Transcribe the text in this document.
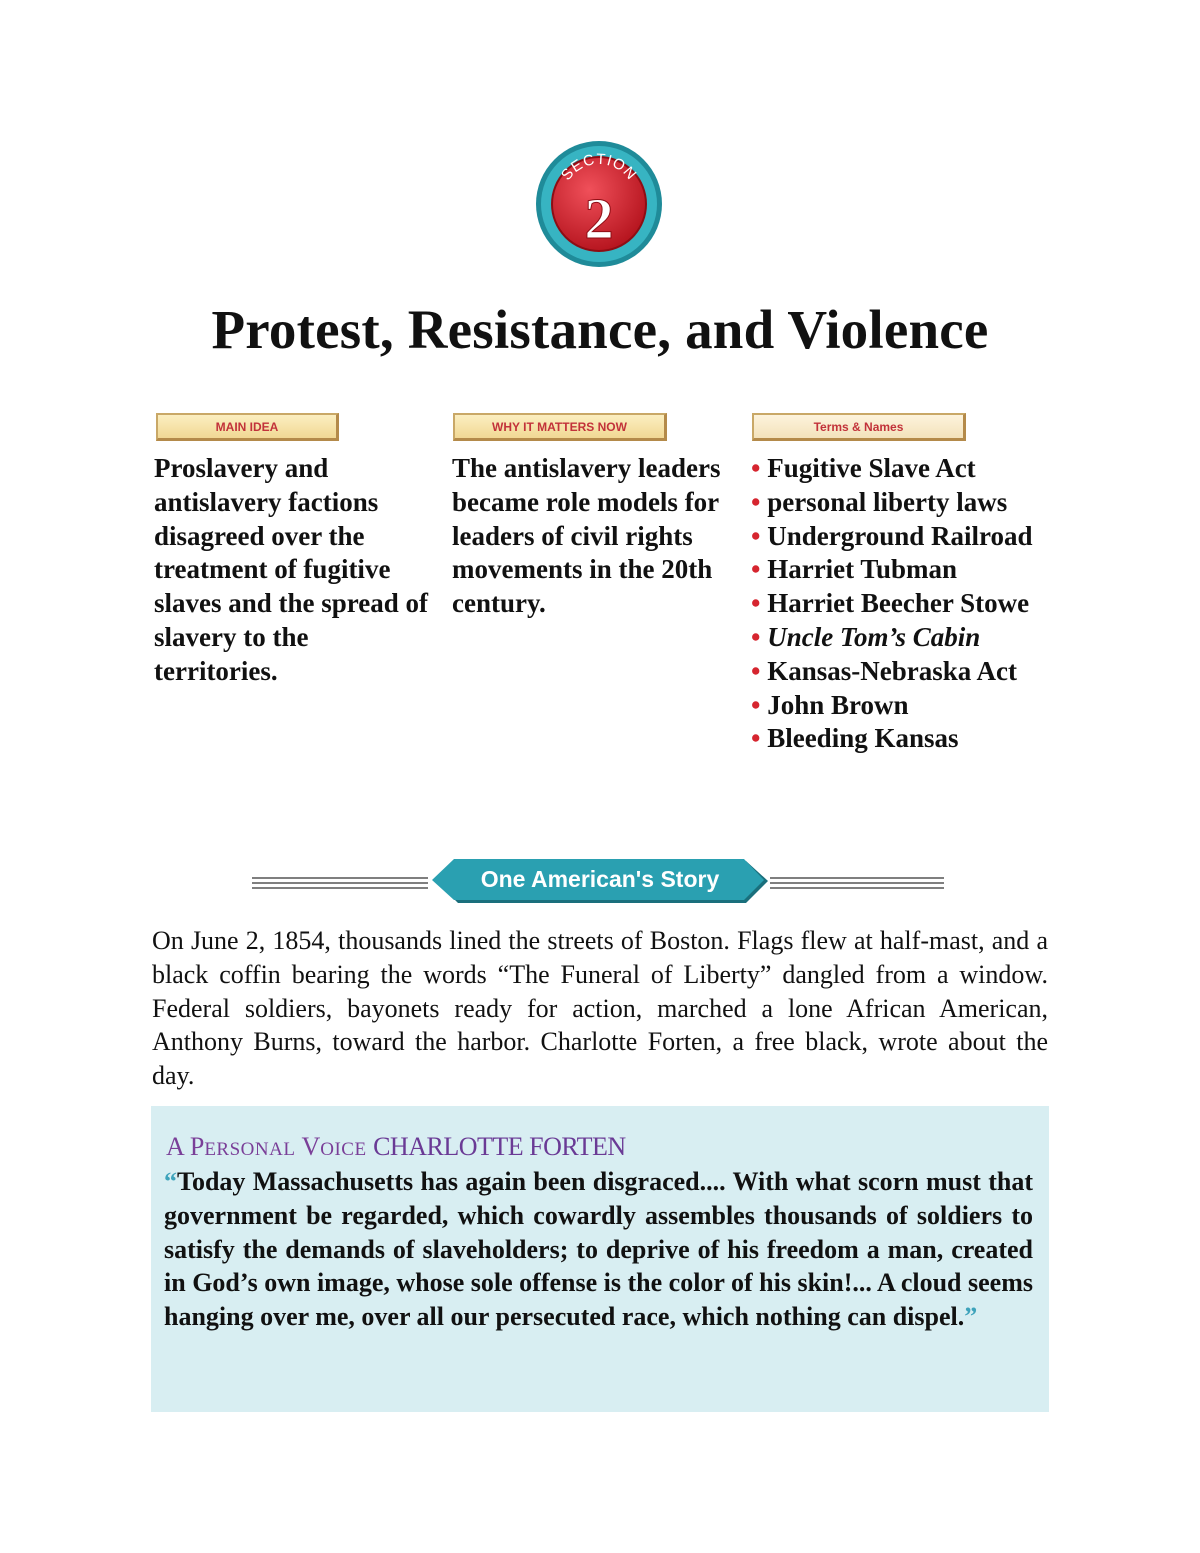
SECTION
2
Protest, Resistance, and Violence
MAIN IDEA	WHY IT MATTERS NOW	Terms & Names
Proslavery and antislavery factions disagreed over the treatment of fugitive slaves and the spread of slavery to the territories.
The antislavery leaders became role models for leaders of civil rights movements in the 20th century.
• Fugitive Slave Act
• personal liberty laws
• Underground Railroad
• Harriet Tubman
• Harriet Beecher Stowe
• Uncle Tom’s Cabin
• Kansas-Nebraska Act
• John Brown
• Bleeding Kansas
One American's Story

On June 2, 1854, thousands lined the streets of Boston. Flags flew at half-mast, and a black coffin bearing the words “The Funeral of Liberty” dangled from a window. Federal soldiers, bayonets ready for action, marched a lone African American, Anthony Burns, toward the harbor. Charlotte Forten, a free black, wrote about the day.

A PERSONAL VOICE CHARLOTTE FORTEN

“Today Massachusetts has again been disgraced.... With what scorn must that government be regarded, which cowardly assembles thousands of soldiers to satisfy the demands of slaveholders; to deprive of his freedom a man, created in God’s own image, whose sole offense is the color of his skin!... A cloud seems hanging over me, over all our persecuted race, which nothing can dispel.”
